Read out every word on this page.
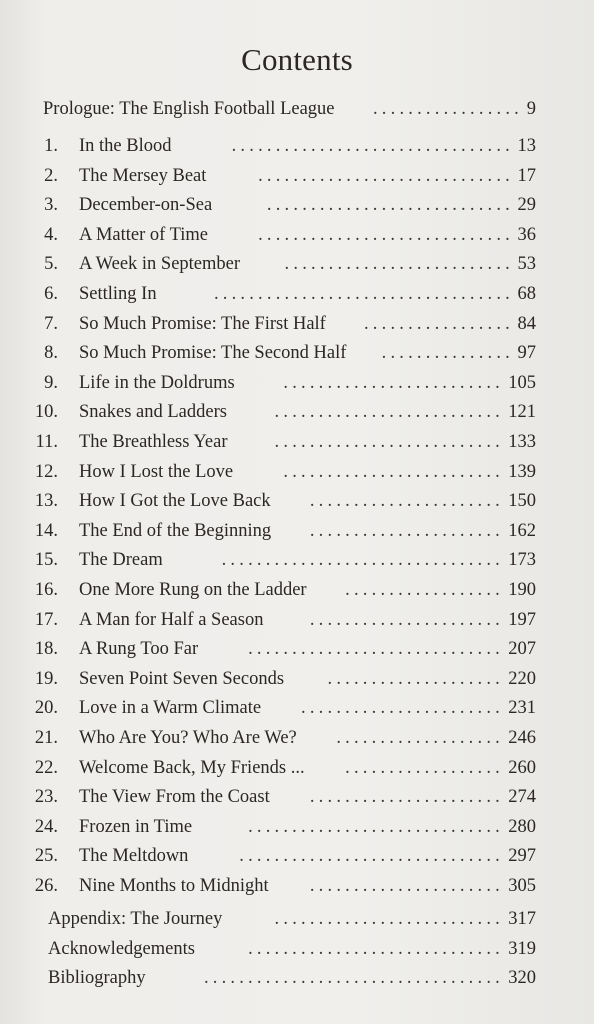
Contents
Prologue: The English Football League	................. 9
1. In the Blood	................................ 13
2. The Mersey Beat	............................. 17
3. December-on-Sea	............................ 29
4. A Matter of Time	............................. 36
5. A Week in September	.......................... 53
6. Settling In	.................................. 68
7. So Much Promise: The First Half	................. 84
8. So Much Promise: The Second Half	............... 97
9. Life in the Doldrums	......................... 105
10. Snakes and Ladders	.......................... 121
11. The Breathless Year	.......................... 133
12. How I Lost the Love	......................... 139
13. How I Got the Love Back	...................... 150
14. The End of the Beginning	...................... 162
15. The Dream	................................ 173
16. One More Rung on the Ladder	.................. 190
17. A Man for Half a Season	...................... 197
18. A Rung Too Far	............................. 207
19. Seven Point Seven Seconds	.................... 220
20. Love in a Warm Climate	....................... 231
21. Who Are You? Who Are We?	................... 246
22. Welcome Back, My Friends ...	.................. 260
23. The View From the Coast	...................... 274
24. Frozen in Time	............................. 280
25. The Meltdown	.............................. 297
26. Nine Months to Midnight	...................... 305
Appendix: The Journey	.......................... 317
Acknowledgements	............................. 319
Bibliography	.................................. 320
